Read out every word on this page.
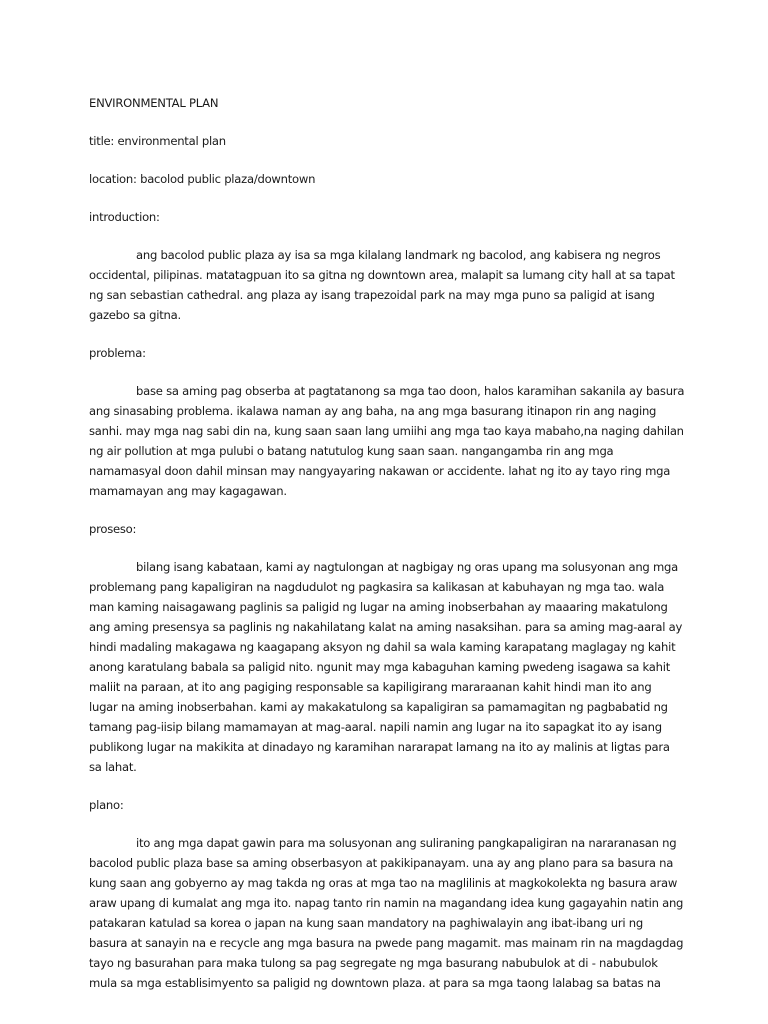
ENVIRONMENTAL PLAN
title: environmental plan
location: bacolod public plaza/downtown
introduction:
ang bacolod public plaza ay isa sa mga kilalang landmark ng bacolod, ang kabisera ng negros
occidental, pilipinas. matatagpuan ito sa gitna ng downtown area, malapit sa lumang city hall at sa tapat
ng san sebastian cathedral. ang plaza ay isang trapezoidal park na may mga puno sa paligid at isang
gazebo sa gitna.
problema:
base sa aming pag obserba at pagtatanong sa mga tao doon, halos karamihan sakanila ay basura
ang sinasabing problema. ikalawa naman ay ang baha, na ang mga basurang itinapon rin ang naging
sanhi. may mga nag sabi din na, kung saan saan lang umiihi ang mga tao kaya mabaho,na naging dahilan
ng air pollution at mga pulubi o batang natutulog kung saan saan. nangangamba rin ang mga
namamasyal doon dahil minsan may nangyayaring nakawan or accidente. lahat ng ito ay tayo ring mga
mamamayan ang may kagagawan.
proseso:
bilang isang kabataan, kami ay nagtulongan at nagbigay ng oras upang ma solusyonan ang mga
problemang pang kapaligiran na nagdudulot ng pagkasira sa kalikasan at kabuhayan ng mga tao. wala
man kaming naisagawang paglinis sa paligid ng lugar na aming inobserbahan ay maaaring makatulong
ang aming presensya sa paglinis ng nakahilatang kalat na aming nasaksihan. para sa aming mag-aaral ay
hindi madaling makagawa ng kaagapang aksyon ng dahil sa wala kaming karapatang maglagay ng kahit
anong karatulang babala sa paligid nito. ngunit may mga kabaguhan kaming pwedeng isagawa sa kahit
maliit na paraan, at ito ang pagiging responsable sa kapiligirang mararaanan kahit hindi man ito ang
lugar na aming inobserbahan. kami ay makakatulong sa kapaligiran sa pamamagitan ng pagbabatid ng
tamang pag-iisip bilang mamamayan at mag-aaral. napili namin ang lugar na ito sapagkat ito ay isang
publikong lugar na makikita at dinadayo ng karamihan nararapat lamang na ito ay malinis at ligtas para
sa lahat.
plano:
ito ang mga dapat gawin para ma solusyonan ang suliraning pangkapaligiran na nararanasan ng
bacolod public plaza base sa aming obserbasyon at pakikipanayam. una ay ang plano para sa basura na
kung saan ang gobyerno ay mag takda ng oras at mga tao na maglilinis at magkokolekta ng basura araw
araw upang di kumalat ang mga ito. napag tanto rin namin na magandang idea kung gagayahin natin ang
patakaran katulad sa korea o japan na kung saan mandatory na paghiwalayin ang ibat-ibang uri ng
basura at sanayin na e recycle ang mga basura na pwede pang magamit. mas mainam rin na magdagdag
tayo ng basurahan para maka tulong sa pag segregate ng mga basurang nabubulok at di - nabubulok
mula sa mga establisimyento sa paligid ng downtown plaza. at para sa mga taong lalabag sa batas na
